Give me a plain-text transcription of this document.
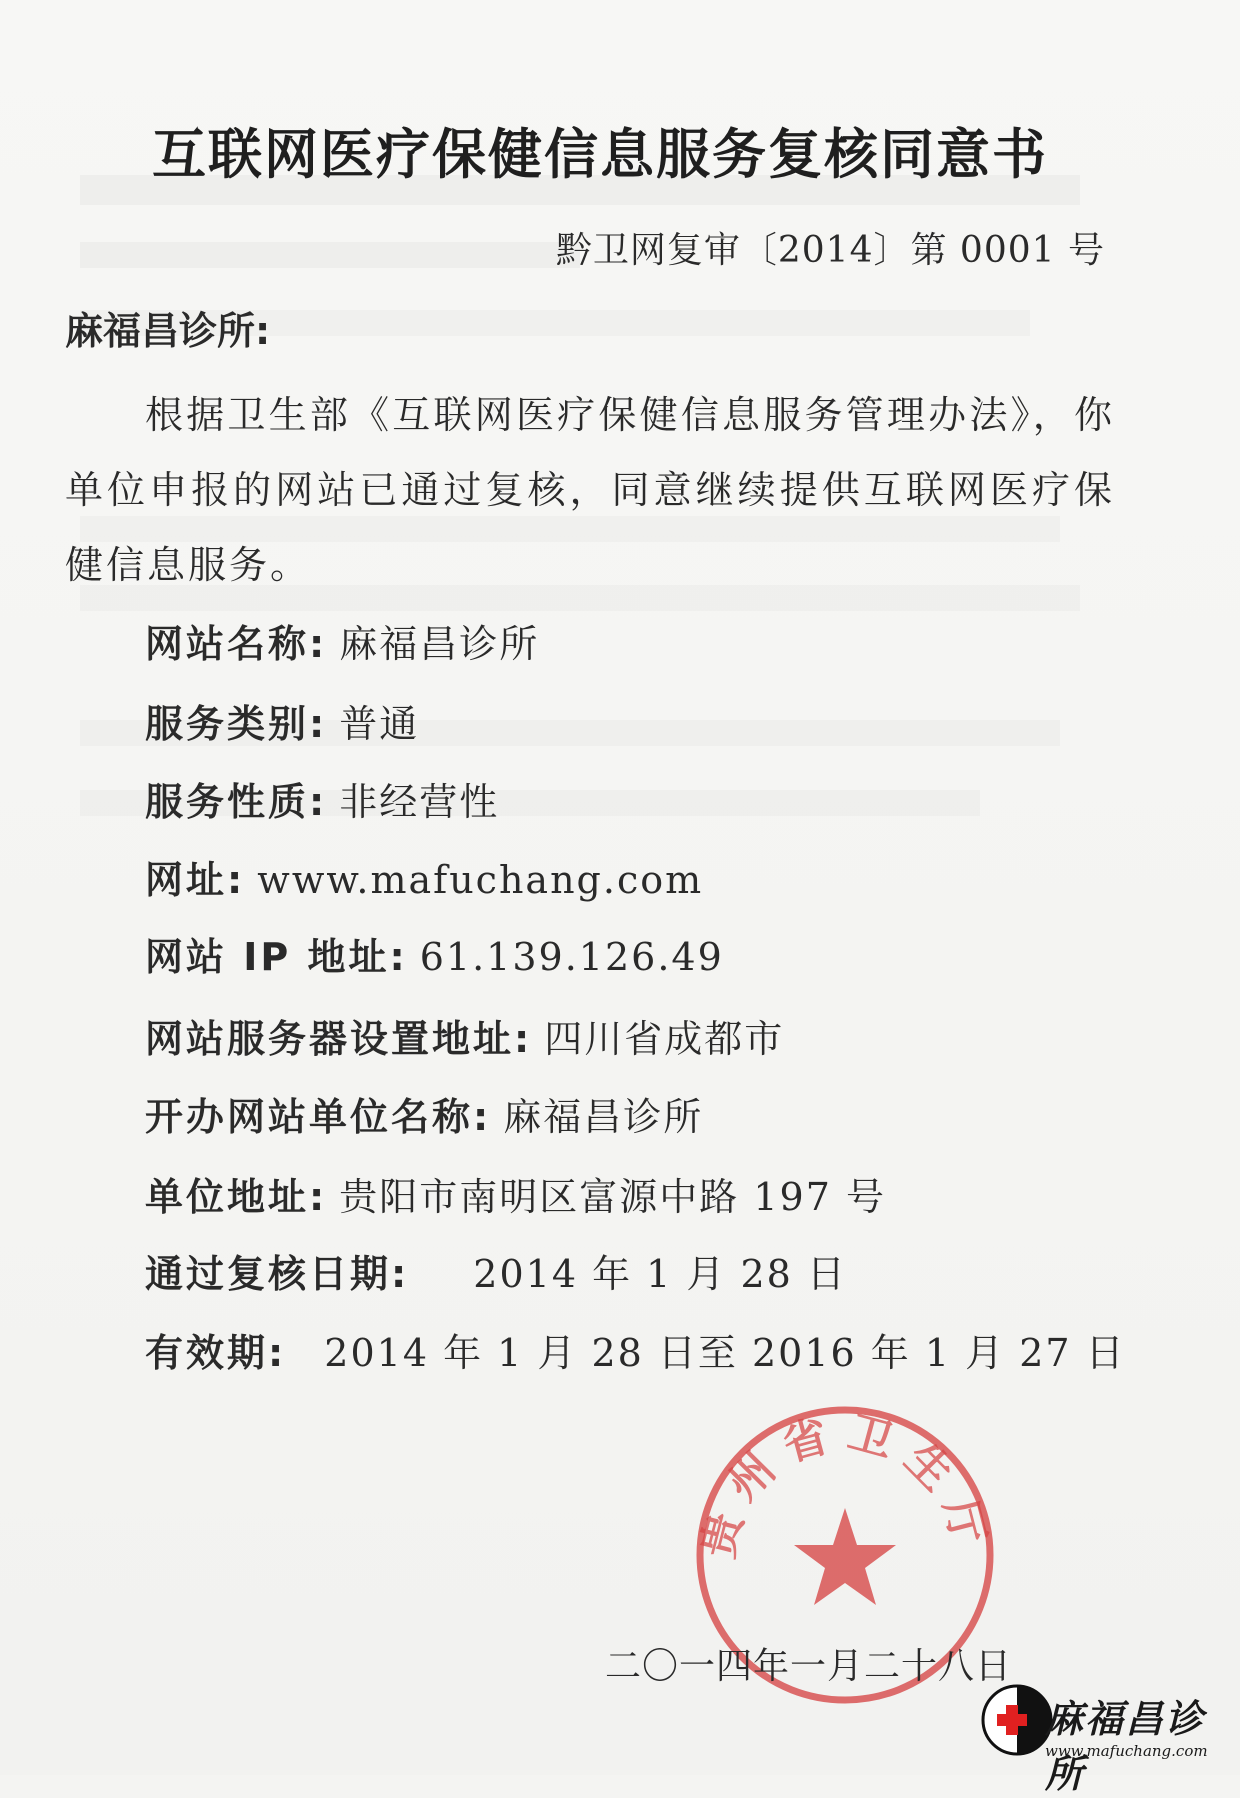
互联网医疗保健信息服务复核同意书
黔卫网复审〔2014〕第 0001 号
麻福昌诊所:
根据卫生部《互联网医疗保健信息服务管理办法》，你单位申报的网站已通过复核，同意继续提供互联网医疗保健信息服务。
网站名称: 麻福昌诊所
服务类别: 普通
服务性质: 非经营性
网址: www.mafuchang.com
网站 IP 地址: 61.139.126.49
网站服务器设置地址: 四川省成都市
开办网站单位名称: 麻福昌诊所
单位地址: 贵阳市南明区富源中路 197 号
通过复核日期: 2014 年 1 月 28 日
有效期: 2014 年 1 月 28 日至 2016 年 1 月 27 日
贵州省卫生厅
二〇一四年一月二十八日
麻福昌诊所
www.mafuchang.com
